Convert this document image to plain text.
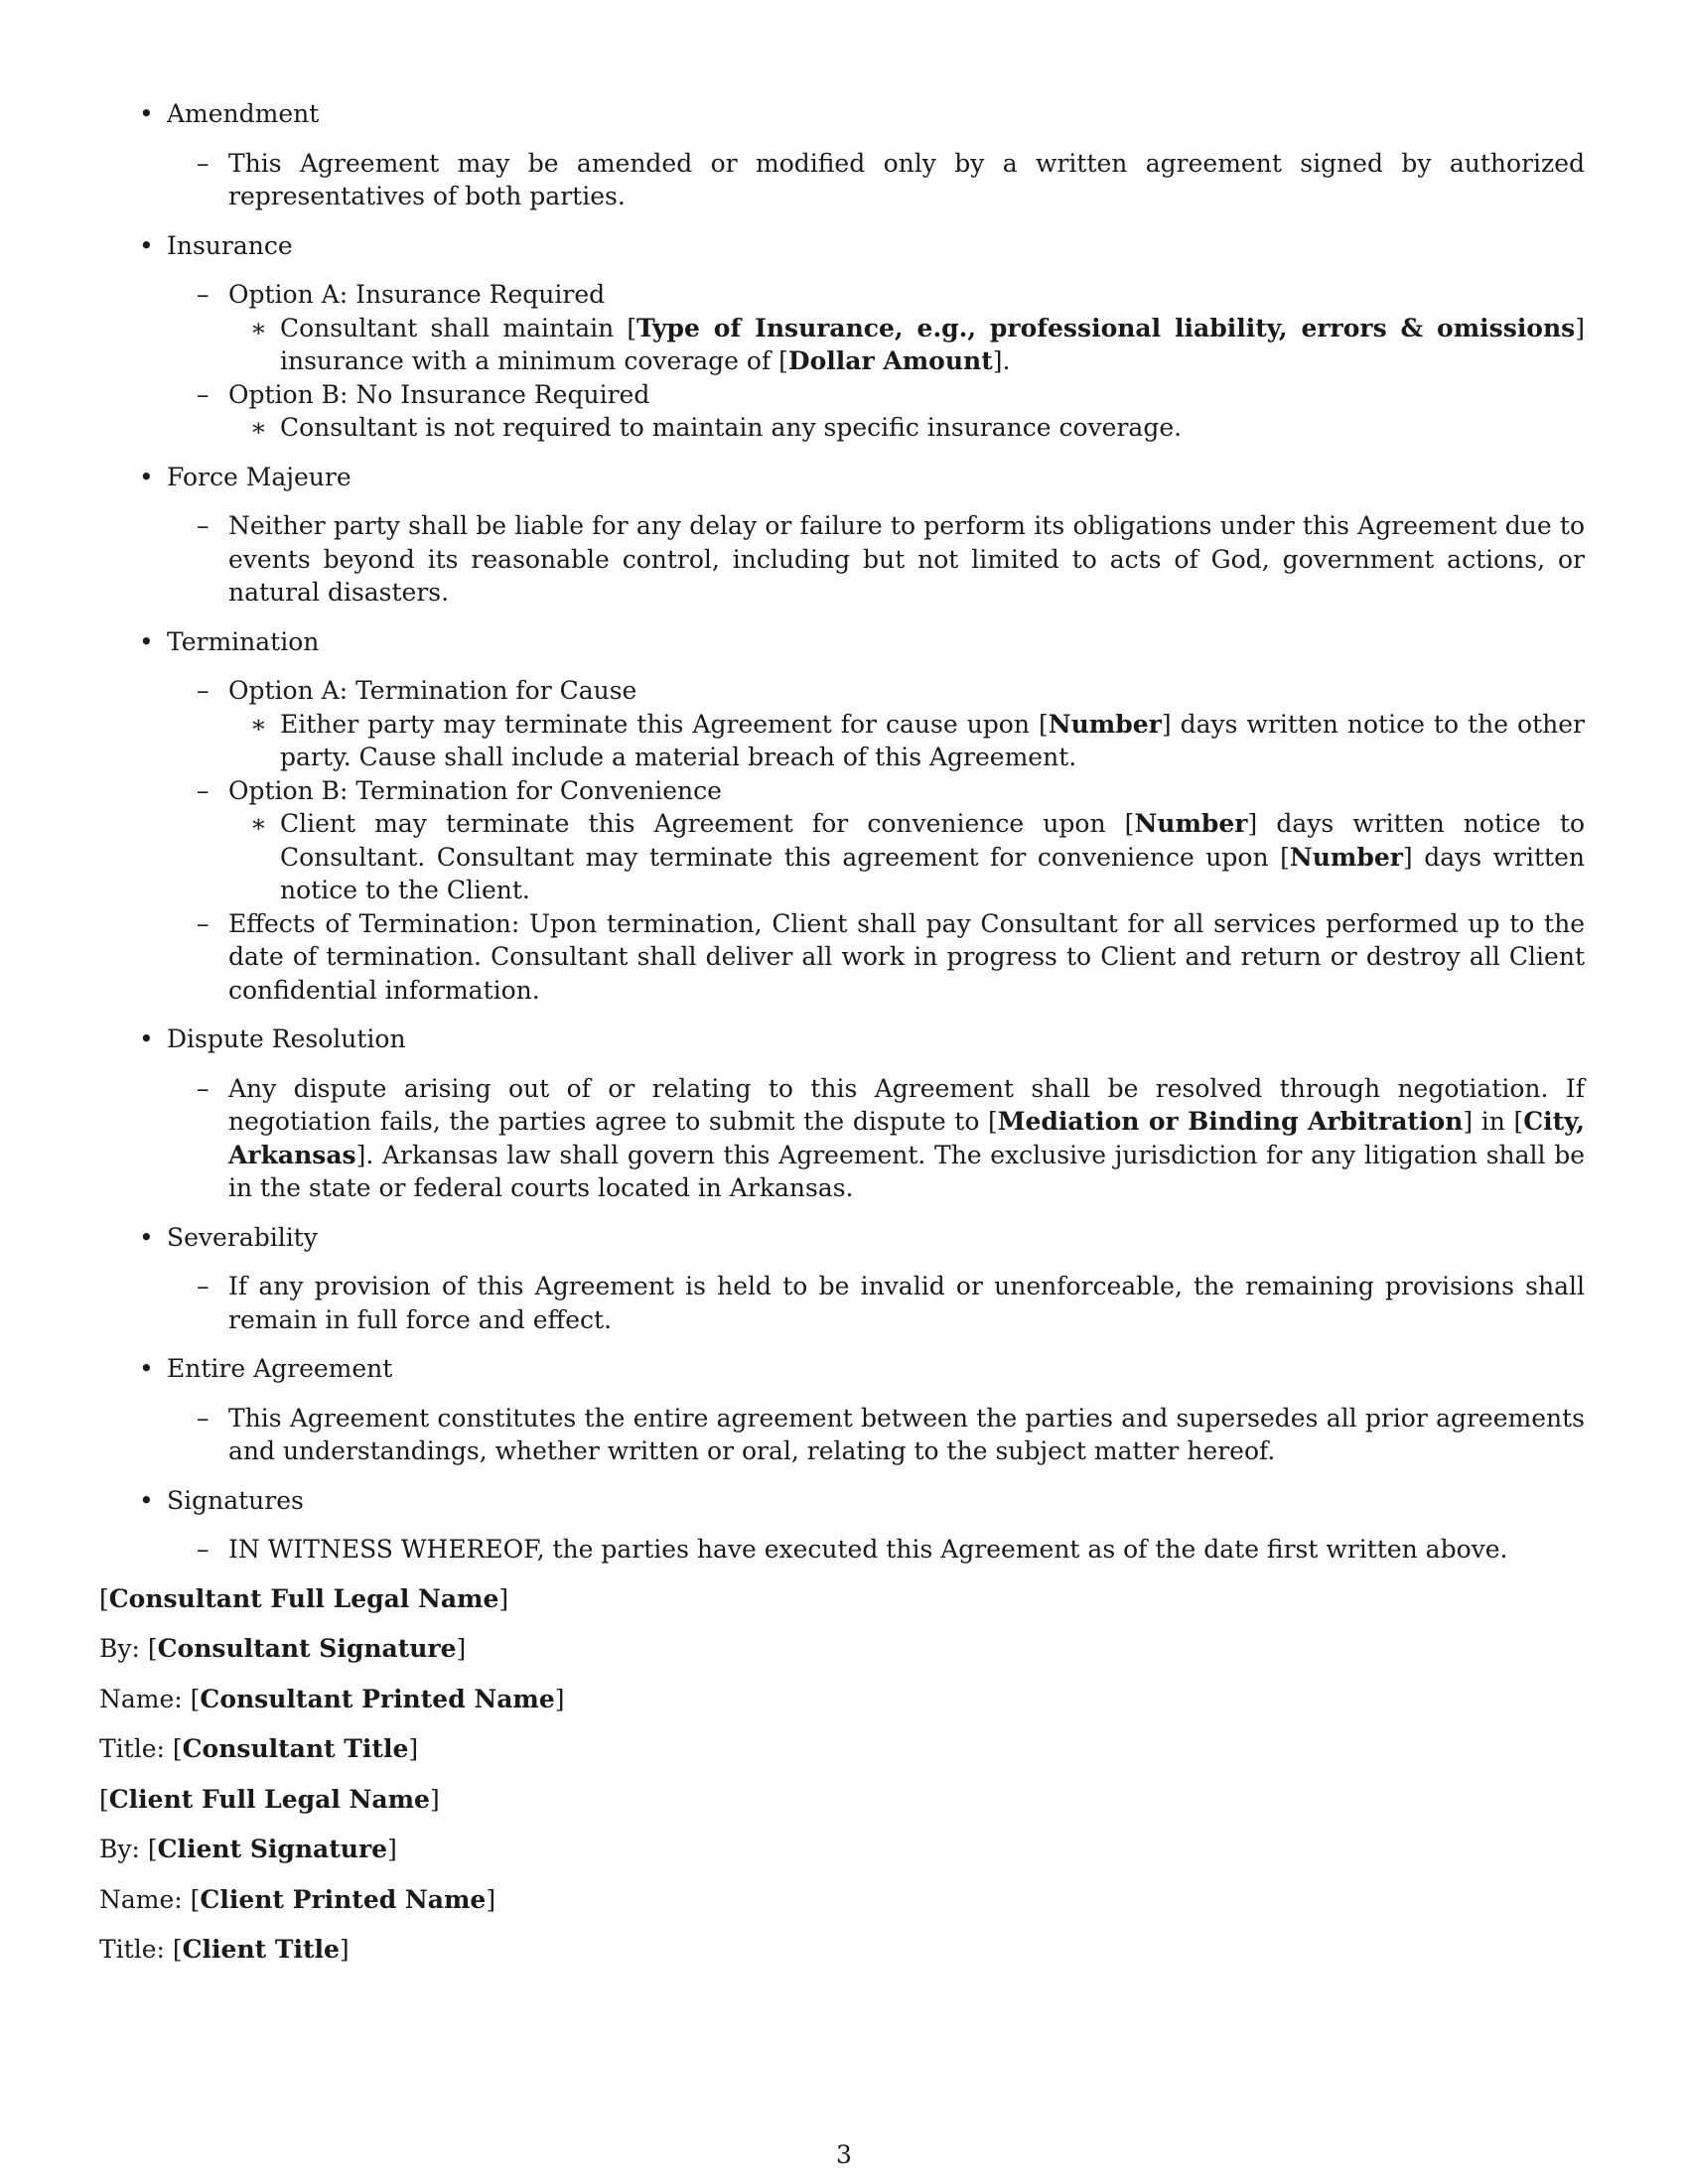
• Amendment
– This Agreement may be amended or modified only by a written agreement signed by authorized representatives of both parties.
• Insurance
– Option A: Insurance Required
∗ Consultant shall maintain [Type of Insurance, e.g., professional liability, errors & omissions] insurance with a minimum coverage of [Dollar Amount].
– Option B: No Insurance Required
∗ Consultant is not required to maintain any specific insurance coverage.
• Force Majeure
– Neither party shall be liable for any delay or failure to perform its obligations under this Agreement due to events beyond its reasonable control, including but not limited to acts of God, government actions, or natural disasters.
• Termination
– Option A: Termination for Cause
∗ Either party may terminate this Agreement for cause upon [Number] days written notice to the other party. Cause shall include a material breach of this Agreement.
– Option B: Termination for Convenience
∗ Client may terminate this Agreement for convenience upon [Number] days written notice to Consultant. Consultant may terminate this agreement for convenience upon [Number] days written notice to the Client.
– Effects of Termination: Upon termination, Client shall pay Consultant for all services performed up to the date of termination. Consultant shall deliver all work in progress to Client and return or destroy all Client confidential information.
• Dispute Resolution
– Any dispute arising out of or relating to this Agreement shall be resolved through negotiation. If negotiation fails, the parties agree to submit the dispute to [Mediation or Binding Arbitration] in [City, Arkansas]. Arkansas law shall govern this Agreement. The exclusive jurisdiction for any litigation shall be in the state or federal courts located in Arkansas.
• Severability
– If any provision of this Agreement is held to be invalid or unenforceable, the remaining provisions shall remain in full force and effect.
• Entire Agreement
– This Agreement constitutes the entire agreement between the parties and supersedes all prior agreements and understandings, whether written or oral, relating to the subject matter hereof.
• Signatures
– IN WITNESS WHEREOF, the parties have executed this Agreement as of the date first written above.
[Consultant Full Legal Name]
By: [Consultant Signature]
Name: [Consultant Printed Name]
Title: [Consultant Title]
[Client Full Legal Name]
By: [Client Signature]
Name: [Client Printed Name]
Title: [Client Title]
3
